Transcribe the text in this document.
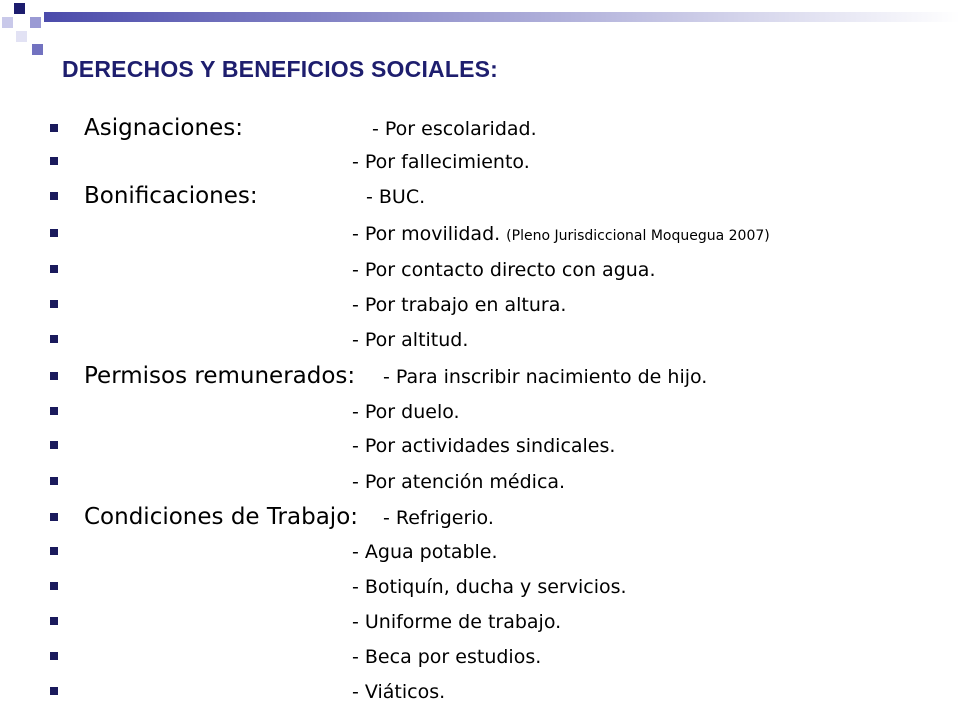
DERECHOS Y BENEFICIOS SOCIALES:
Asignaciones:	- Por escolaridad.
- Por fallecimiento.
Bonificaciones:	- BUC.
- Por movilidad. (Pleno Jurisdiccional Moquegua 2007)
- Por contacto directo con agua.
- Por trabajo en altura.
- Por altitud.
Permisos remunerados: - Para inscribir nacimiento de hijo.
- Por duelo.
- Por actividades sindicales.
- Por atención médica.
Condiciones de Trabajo: - Refrigerio.
- Agua potable.
- Botiquín, ducha y servicios.
- Uniforme de trabajo.
- Beca por estudios.
- Viáticos.
